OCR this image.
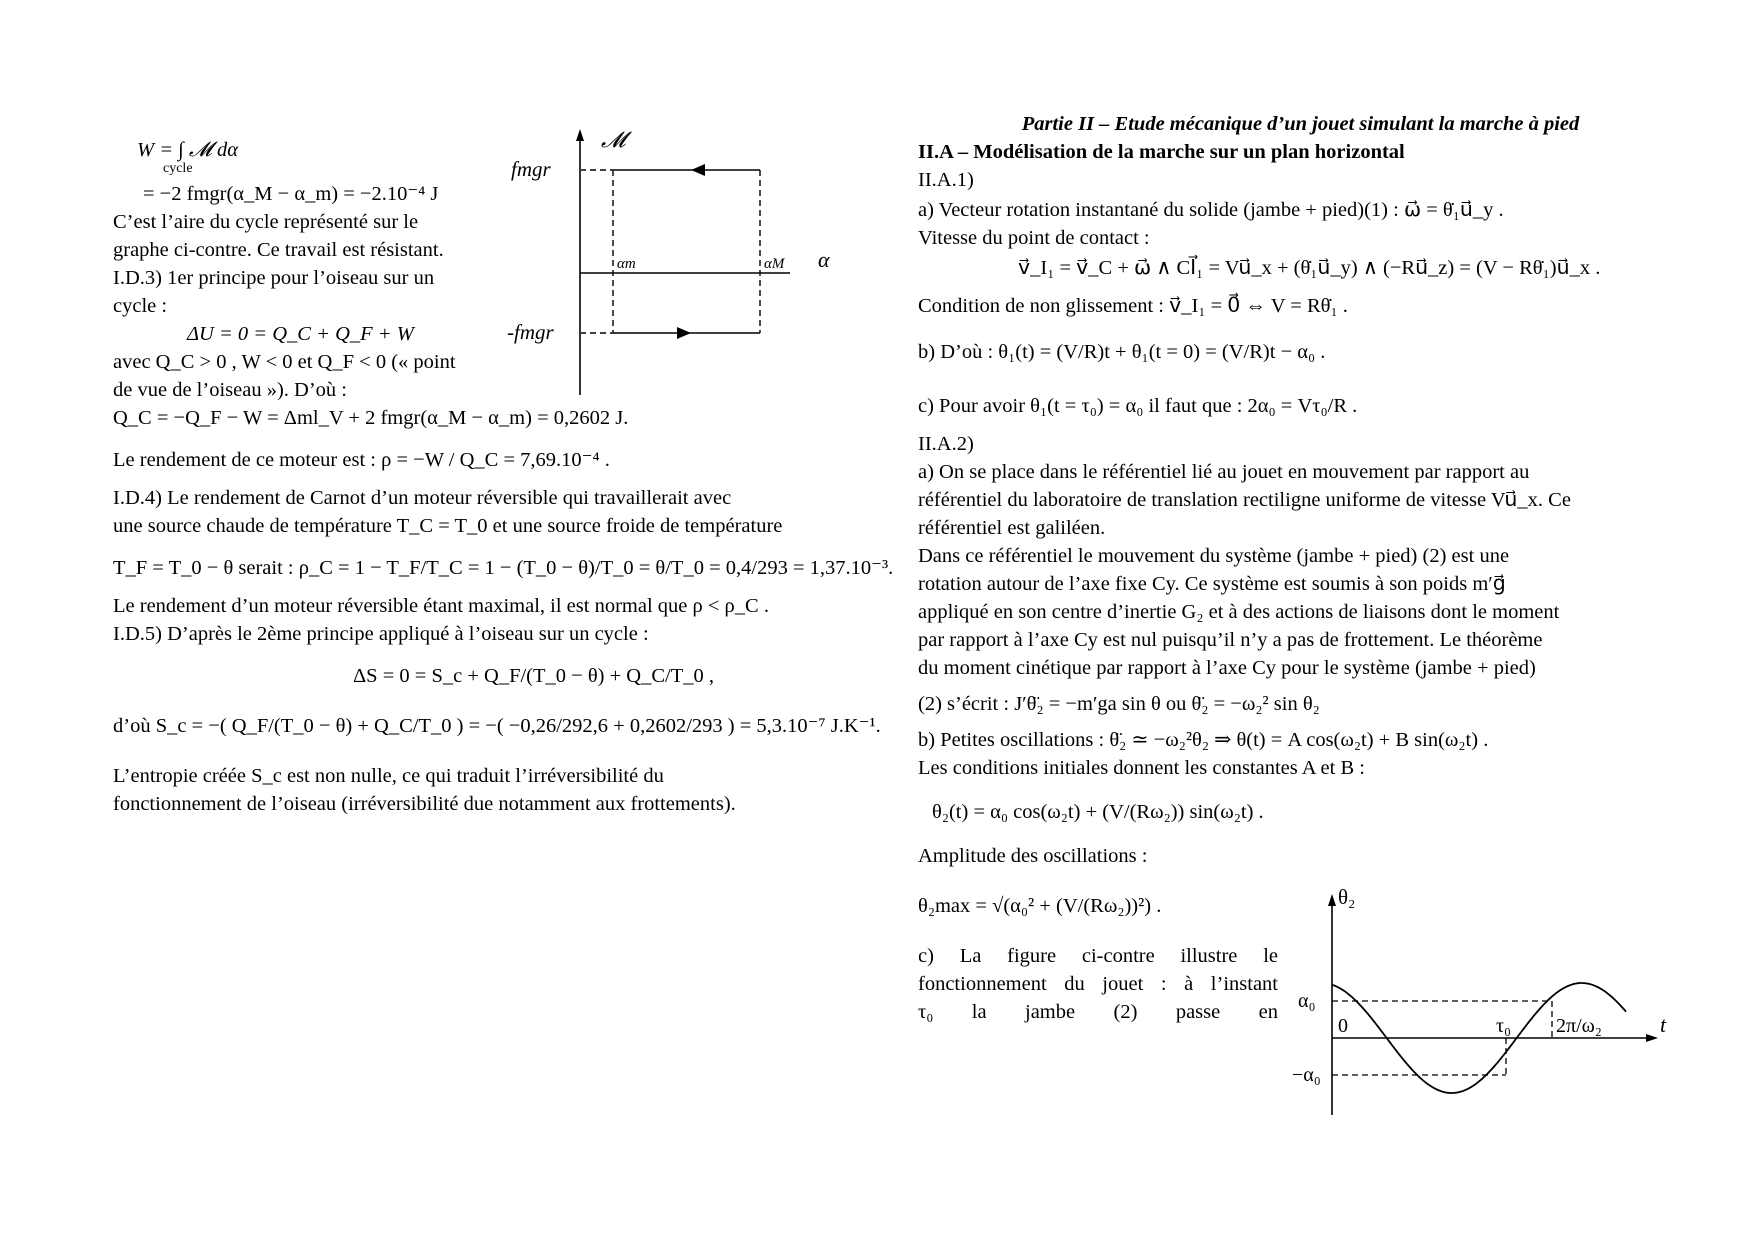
W = ∫ 𝓜 dα
cycle
= −2 fmgr(α_M − α_m) = −2.10⁻⁴ J
C’est l’aire du cycle représenté sur le
graphe ci-contre. Ce travail est résistant.
I.D.3) 1er principe pour l’oiseau sur un
cycle :
ΔU = 0 = Q_C + Q_F + W
avec Q_C > 0 , W < 0 et Q_F < 0 (« point
de vue de l’oiseau »). D’où :
Q_C = −Q_F − W = Δml_V + 2 fmgr(α_M − α_m) = 0,2602 J.
Le rendement de ce moteur est : ρ = −W / Q_C = 7,69.10⁻⁴ .
I.D.4) Le rendement de Carnot d’un moteur réversible qui travaillerait avec
une source chaude de température T_C = T_0 et une source froide de température
T_F = T_0 − θ serait : ρ_C = 1 − T_F/T_C = 1 − (T_0 − θ)/T_0 = θ/T_0 = 0,4/293 = 1,37.10⁻³.
Le rendement d’un moteur réversible étant maximal, il est normal que ρ < ρ_C .
I.D.5) D’après le 2ème principe appliqué à l’oiseau sur un cycle :
ΔS = 0 = S_c + Q_F/(T_0 − θ) + Q_C/T_0 ,
d’où S_c = −( Q_F/(T_0 − θ) + Q_C/T_0 ) = −( −0,26/292,6 + 0,2602/293 ) = 5,3.10⁻⁷ J.K⁻¹.
L’entropie créée S_c est non nulle, ce qui traduit l’irréversibilité du
fonctionnement de l’oiseau (irréversibilité due notamment aux frottements).
𝓜
α
fmgr
-fmgr
αm	αM
Partie II – Etude mécanique d’un jouet simulant la marche à pied
II.A – Modélisation de la marche sur un plan horizontal
II.A.1)
a) Vecteur rotation instantané du solide (jambe + pied)(1) : ω⃗ = θ̇₁u⃗_y .
Vitesse du point de contact :
v⃗_I₁ = v⃗_C + ω⃗ ∧ CI⃗₁ = Vu⃗_x + (θ̇₁u⃗_y) ∧ (−Ru⃗_z) = (V − Rθ̇₁)u⃗_x .
Condition de non glissement : v⃗_I₁ = 0⃗ ⇔ V = Rθ̇₁ .
b) D’où : θ₁(t) = (V/R)t + θ₁(t = 0) = (V/R)t − α₀ .
c) Pour avoir θ₁(t = τ₀) = α₀ il faut que : 2α₀ = Vτ₀/R .
II.A.2)
a) On se place dans le référentiel lié au jouet en mouvement par rapport au
référentiel du laboratoire de translation rectiligne uniforme de vitesse Vu⃗_x. Ce
référentiel est galiléen.
Dans ce référentiel le mouvement du système (jambe + pied) (2) est une
rotation autour de l’axe fixe Cy. Ce système est soumis à son poids m′g⃗
appliqué en son centre d’inertie G₂ et à des actions de liaisons dont le moment
par rapport à l’axe Cy est nul puisqu’il n’y a pas de frottement. Le théorème
du moment cinétique par rapport à l’axe Cy pour le système (jambe + pied)
(2) s’écrit : J′θ̈₂ = −m′ga sin θ ou θ̈₂ = −ω₂² sin θ₂
b) Petites oscillations : θ̈₂ ≃ −ω₂²θ₂ ⇒ θ(t) = A cos(ω₂t) + B sin(ω₂t) .
Les conditions initiales donnent les constantes A et B :
θ₂(t) = α₀ cos(ω₂t) + (V/(Rω₂)) sin(ω₂t) .
Amplitude des oscillations :
θ₂max = √(α₀² + (V/(Rω₂))²) .
c) La figure ci-contre illustre le
fonctionnement du jouet : à l’instant
τ₀ la jambe (2) passe en
θ₂
t
α₀
−α₀
0	τ₀ 2π/ω₂
